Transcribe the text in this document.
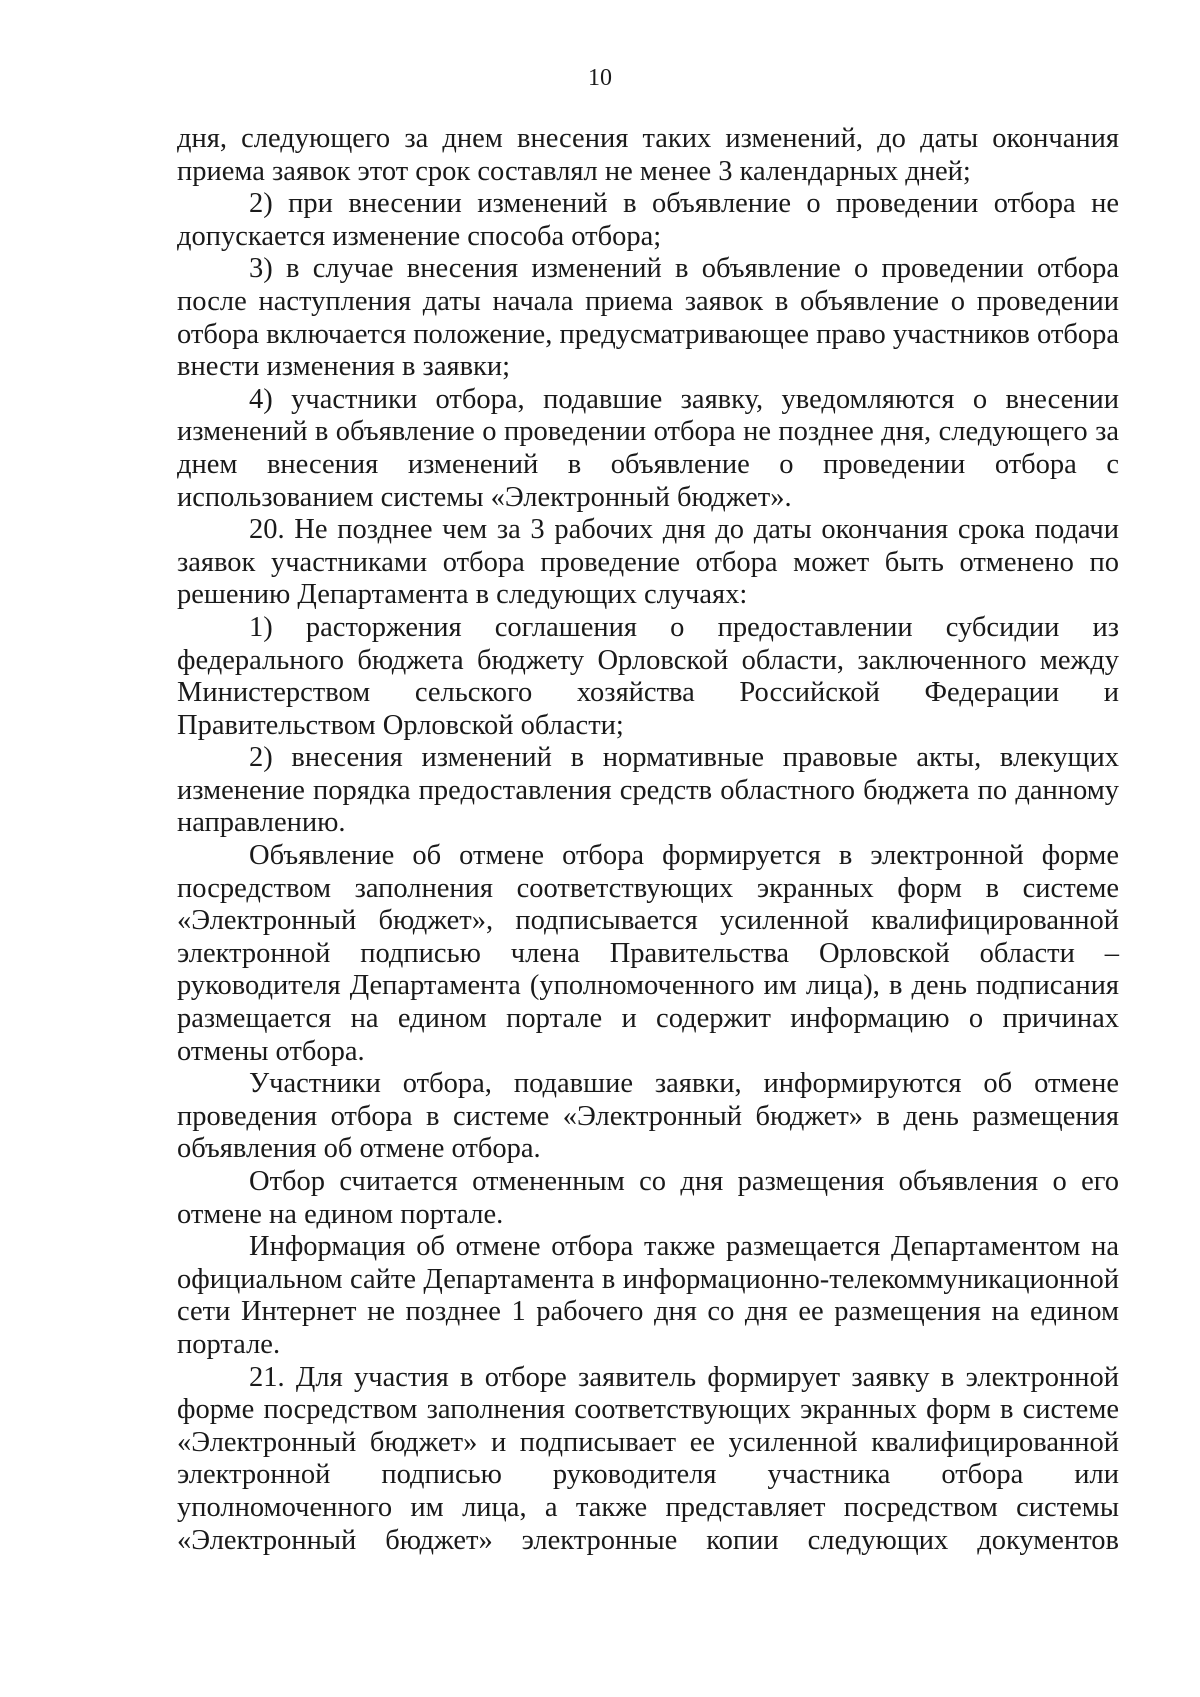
10

дня, следующего за днем внесения таких изменений, до даты окончания приема заявок этот срок составлял не менее 3 календарных дней;

2) при внесении изменений в объявление о проведении отбора не допускается изменение способа отбора;

3) в случае внесения изменений в объявление о проведении отбора после наступления даты начала приема заявок в объявление о проведении отбора включается положение, предусматривающее право участников отбора внести изменения в заявки;

4) участники отбора, подавшие заявку, уведомляются о внесении изменений в объявление о проведении отбора не позднее дня, следующего за днем внесения изменений в объявление о проведении отбора с использованием системы «Электронный бюджет».

20. Не позднее чем за 3 рабочих дня до даты окончания срока подачи заявок участниками отбора проведение отбора может быть отменено по решению Департамента в следующих случаях:

1) расторжения соглашения о предоставлении субсидии из федерального бюджета бюджету Орловской области, заключенного между Министерством сельского хозяйства Российской Федерации и Правительством Орловской области;

2) внесения изменений в нормативные правовые акты, влекущих изменение порядка предоставления средств областного бюджета по данному направлению.

Объявление об отмене отбора формируется в электронной форме посредством заполнения соответствующих экранных форм в системе «Электронный бюджет», подписывается усиленной квалифицированной электронной подписью члена Правительства Орловской области – руководителя Департамента (уполномоченного им лица), в день подписания размещается на едином портале и содержит информацию о причинах отмены отбора.

Участники отбора, подавшие заявки, информируются об отмене проведения отбора в системе «Электронный бюджет» в день размещения объявления об отмене отбора.

Отбор считается отмененным со дня размещения объявления о его отмене на едином портале.

Информация об отмене отбора также размещается Департаментом на официальном сайте Департамента в информационно-телекоммуникационной сети Интернет не позднее 1 рабочего дня со дня ее размещения на едином портале.

21. Для участия в отборе заявитель формирует заявку в электронной форме посредством заполнения соответствующих экранных форм в системе «Электронный бюджет» и подписывает ее усиленной квалифицированной электронной подписью руководителя участника отбора или уполномоченного им лица, а также представляет посредством системы «Электронный бюджет» электронные копии следующих документов
